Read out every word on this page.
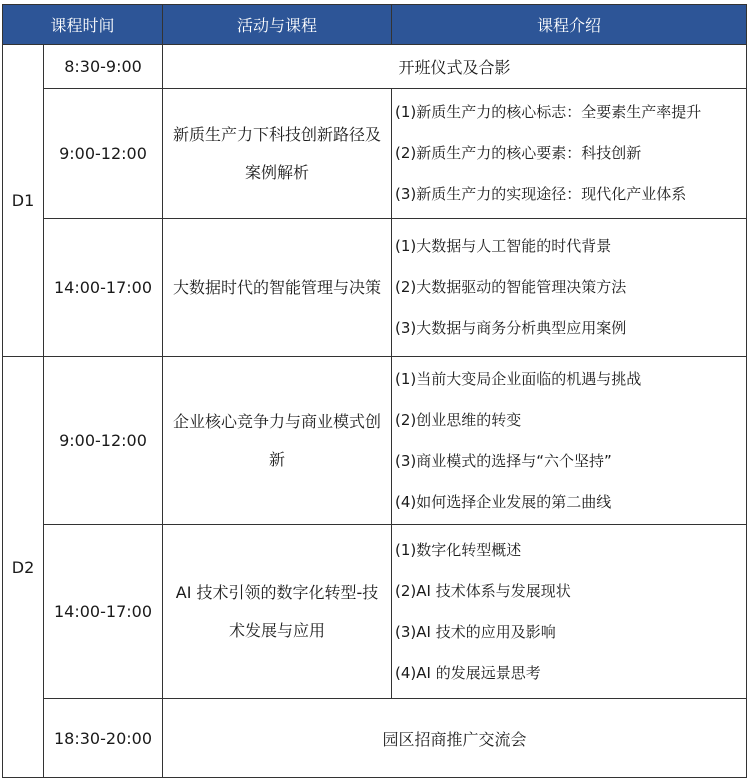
课程时间		活动与课程	课程介绍
D1	8:30-9:00	开班仪式及合影	
	9:00-12:00	新质生产力下科技创新路径及案例解析	(1)新质生产力的核心标志：全要素生产率提升
(2)新质生产力的核心要素：科技创新
(3)新质生产力的实现途径：现代化产业体系

	14:00-17:00	大数据时代的智能管理与决策	(1)大数据与人工智能的时代背景
(2)大数据驱动的智能管理决策方法
(3)大数据与商务分析典型应用案例

D2	9:00-12:00	企业核心竞争力与商业模式创新	(1)当前大变局企业面临的机遇与挑战
(2)创业思维的转变
(3)商业模式的选择与“六个坚持”
(4)如何选择企业发展的第二曲线

	14:00-17:00	AI 技术引领的数字化转型-技术发展与应用	(1)数字化转型概述
(2)AI 技术体系与发展现状
(3)AI 技术的应用及影响
(4)AI 的发展远景思考

	18:30-20:00	园区招商推广交流会	
